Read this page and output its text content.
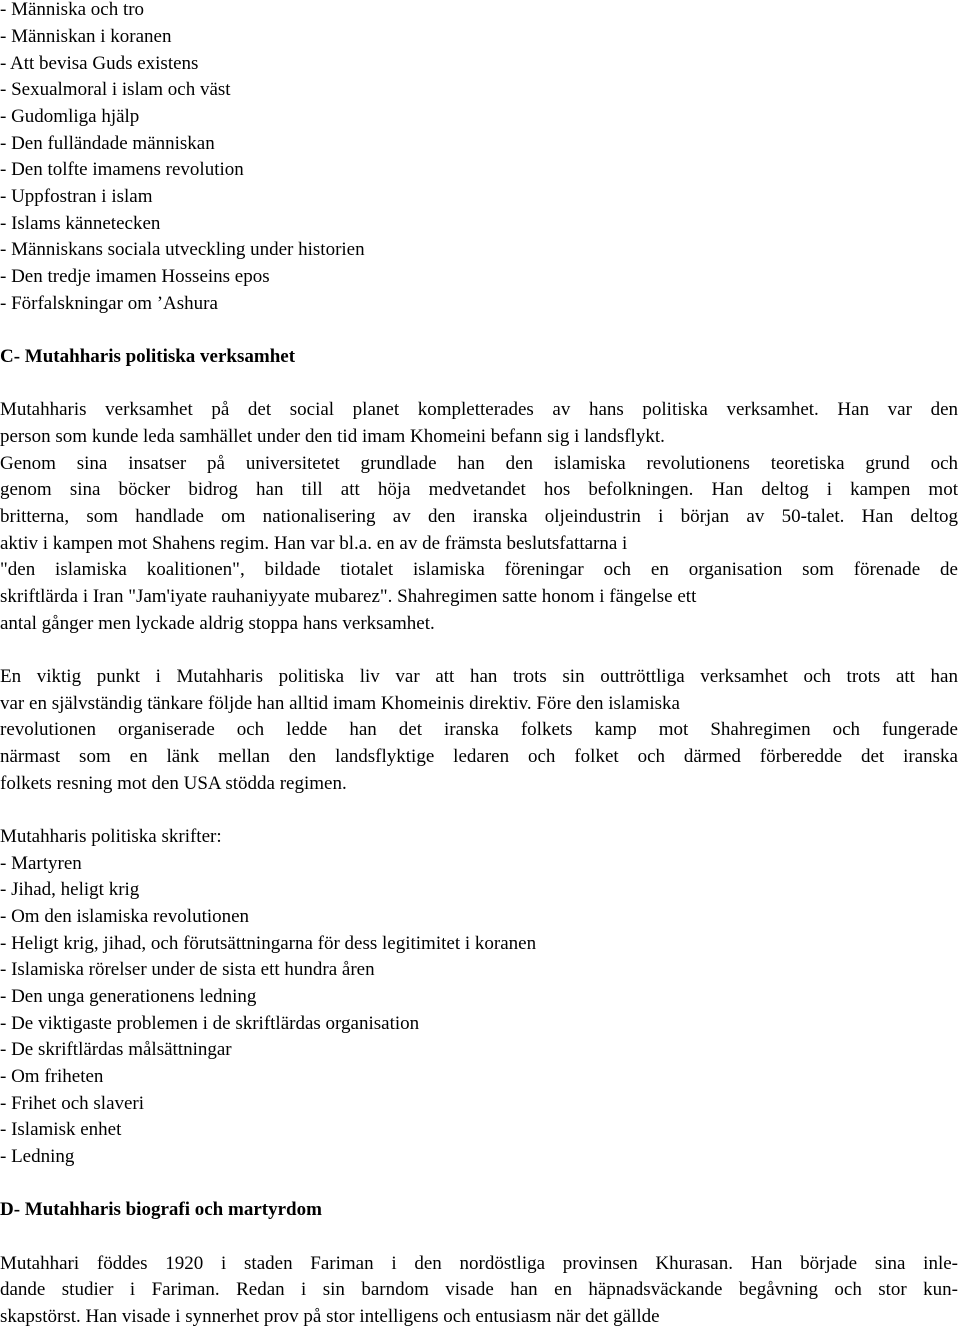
- Människa och tro

- Människan i koranen

- Att bevisa Guds existens

- Sexualmoral i islam och väst

- Gudomliga hjälp

- Den fulländade människan

- Den tolfte imamens revolution

- Uppfostran i islam

- Islams kännetecken

- Människans sociala utveckling under historien

- Den tredje imamen Hosseins epos

- Förfalskningar om ’Ashura

C- Mutahharis politiska verksamhet

Mutahharis verksamhet på det social planet kompletterades av hans politiska verksamhet. Han var den

person som kunde leda samhället under den tid imam Khomeini befann sig i landsflykt.

Genom sina insatser på universitetet grundlade han den islamiska revolutionens teoretiska grund och

genom sina böcker bidrog han till att höja medvetandet hos befolkningen. Han deltog i kampen mot

britterna, som handlade om nationalisering av den iranska oljeindustrin i början av 50-talet. Han deltog

aktiv i kampen mot Shahens regim. Han var bl.a. en av de främsta beslutsfattarna i

"den islamiska koalitionen", bildade tiotalet islamiska föreningar och en organisation som förenade de

skriftlärda i Iran "Jam'iyate rauhaniyyate mubarez". Shahregimen satte honom i fängelse ett

antal gånger men lyckade aldrig stoppa hans verksamhet.

En viktig punkt i Mutahharis politiska liv var att han trots sin outtröttliga verksamhet och trots att han

var en självständig tänkare följde han alltid imam Khomeinis direktiv. Före den islamiska

revolutionen organiserade och ledde han det iranska folkets kamp mot Shahregimen och fungerade

närmast som en länk mellan den landsflyktige ledaren och folket och därmed förberedde det iranska

folkets resning mot den USA stödda regimen.

Mutahharis politiska skrifter:

- Martyren

- Jihad, heligt krig

- Om den islamiska revolutionen

- Heligt krig, jihad, och förutsättningarna för dess legitimitet i koranen

- Islamiska rörelser under de sista ett hundra åren

- Den unga generationens ledning

- De viktigaste problemen i de skriftlärdas organisation

- De skriftlärdas målsättningar

- Om friheten

- Frihet och slaveri

- Islamisk enhet

- Ledning

D- Mutahharis biografi och martyrdom

Mutahhari föddes 1920 i staden Fariman i den nordöstliga provinsen Khurasan. Han började sina inle-

dande studier i Fariman. Redan i sin barndom visade han en häpnadsväckande begåvning och stor kun-

skapstörst. Han visade i synnerhet prov på stor intelligens och entusiasm när det gällde
